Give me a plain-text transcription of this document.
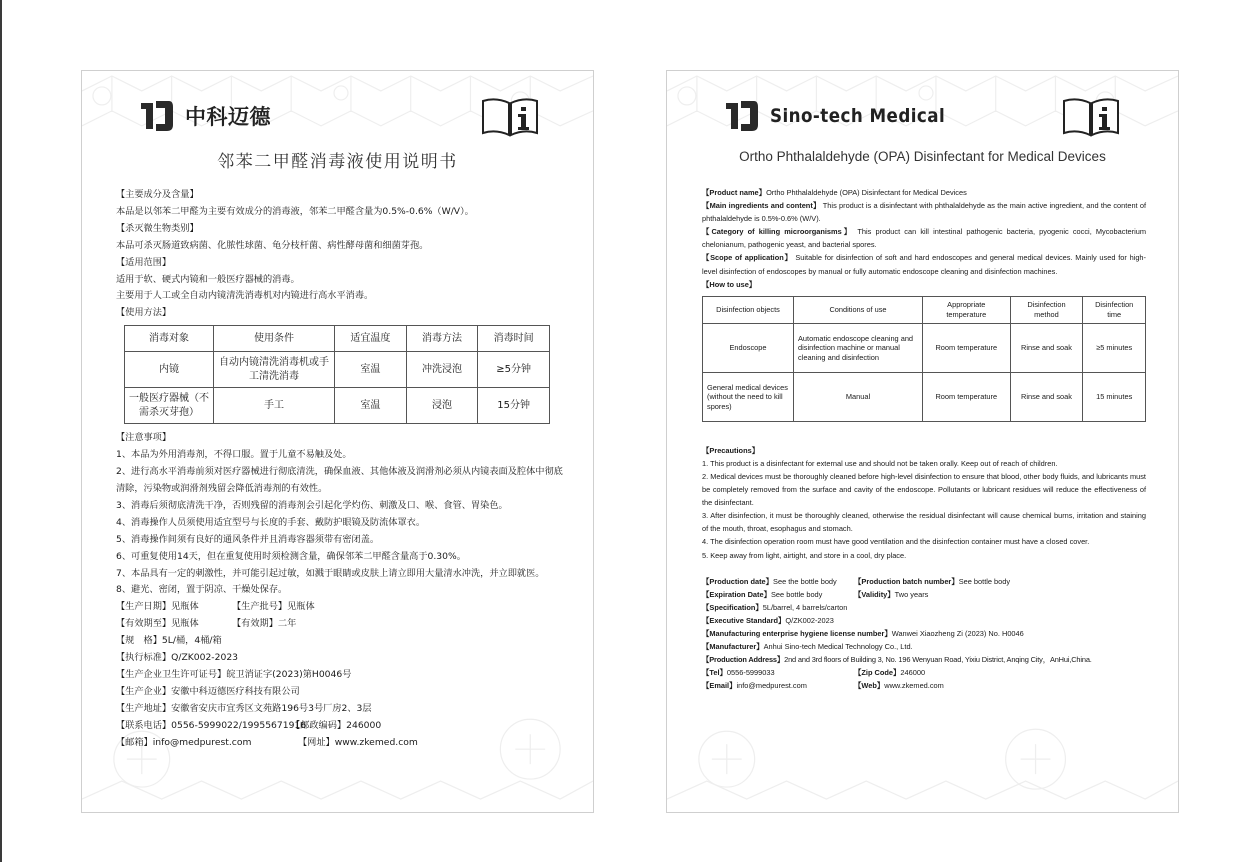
中科迈德
邻苯二甲醛消毒液使用说明书

【主要成分及含量】

本品是以邻苯二甲醛为主要有效成分的消毒液，邻苯二甲醛含量为0.5%-0.6%（W/V）。

【杀灭微生物类别】

本品可杀灭肠道致病菌、化脓性球菌、龟分枝杆菌、病性酵母菌和细菌芽孢。

【适用范围】

适用于软、硬式内镜和一般医疗器械的消毒。

主要用于人工或全自动内镜清洗消毒机对内镜进行高水平消毒。

【使用方法】

消毒对象	使用条件	适宜温度	消毒方法	消毒时间
内镜	自动内镜清洗消毒机或手工清洗消毒	室温	冲洗浸泡	≥5分钟
一般医疗器械（不需杀灭芽孢）	手工	室温	浸泡	15分钟

【注意事项】

1、本品为外用消毒剂，不得口服。置于儿童不易触及处。

2、进行高水平消毒前须对医疗器械进行彻底清洗，确保血液、其他体液及润滑剂必须从内镜表面及腔体中彻底清除，污染物或润滑剂残留会降低消毒剂的有效性。

3、消毒后须彻底清洗干净，否则残留的消毒剂会引起化学灼伤、刺激及口、喉、食管、胃染色。

4、消毒操作人员须使用适宜型号与长度的手套、戴防护眼镜及防流体罩衣。

5、消毒操作间须有良好的通风条件并且消毒容器须带有密闭盖。

6、可重复使用14天，但在重复使用时须检测含量，确保邻苯二甲醛含量高于0.30%。

7、本品具有一定的刺激性，并可能引起过敏，如溅于眼睛或皮肤上请立即用大量清水冲洗，并立即就医。

8、避光、密闭，置于阴凉、干燥处保存。

【生产日期】见瓶体	【生产批号】见瓶体

【有效期至】见瓶体	【有效期】二年

【规　格】5L/桶，4桶/箱

【执行标准】Q/ZK002-2023

【生产企业卫生许可证号】皖卫消证字(2023)第H0046号

【生产企业】安徽中科迈德医疗科技有限公司

【生产地址】安徽省安庆市宜秀区文苑路196号3号厂房2、3层

【联系电话】0556-5999022/19955671916【邮政编码】246000

【邮箱】info@medpurest.com	【网址】www.zkemed.com

Sino-tech Medical
Ortho Phthalaldehyde (OPA) Disinfectant for Medical Devices

【Product name】Ortho Phthalaldehyde (OPA) Disinfectant for Medical Devices

【Main ingredients and content】 This product is a disinfectant with phthalaldehyde as the main active ingredient, and the content of phthalaldehyde is 0.5%-0.6% (W/V).

【Category of killing microorganisms】 This product can kill intestinal pathogenic bacteria, pyogenic cocci, Mycobacterium chelonianum, pathogenic yeast, and bacterial spores.

【Scope of application】 Suitable for disinfection of soft and hard endoscopes and general medical devices. Mainly used for high-level disinfection of endoscopes by manual or fully automatic endoscope cleaning and disinfection machines.

【How to use】

Disinfection objects	Conditions of use	Appropriate temperature	Disinfection method	Disinfection time
Endoscope	Automatic endoscope cleaning and disinfection machine or manual cleaning and disinfection	Room temperature	Rinse and soak	≥5 minutes
General medical devices (without the need to kill spores)	Manual	Room temperature	Rinse and soak	15 minutes

【Precautions】

1. This product is a disinfectant for external use and should not be taken orally. Keep out of reach of children.

2. Medical devices must be thoroughly cleaned before high-level disinfection to ensure that blood, other body fluids, and lubricants must be completely removed from the surface and cavity of the endoscope. Pollutants or lubricant residues will reduce the effectiveness of the disinfectant.

3. After disinfection, it must be thoroughly cleaned, otherwise the residual disinfectant will cause chemical burns, irritation and staining of the mouth, throat, esophagus and stomach.

4. The disinfection operation room must have good ventilation and the disinfection container must have a closed cover.

5. Keep away from light, airtight, and store in a cool, dry place.

【Production date】See the bottle body	【Production batch number】See bottle body
【Expiration Date】See bottle body	【Validity】Two years

【Specification】5L/barrel, 4 barrels/carton

【Executive Standard】Q/ZK002-2023

【Manufacturing enterprise hygiene license number】Wanwei Xiaozheng Zi (2023) No. H0046

【Manufacturer】Anhui Sino-tech Medical Technology Co., Ltd.

【Production Address】2nd and 3rd floors of Building 3, No. 196 Wenyuan Road, Yixiu District, Anqing City，AnHui,China.

【Tel】0556-5999033	【Zip Code】246000
【Email】info@medpurest.com	【Web】www.zkemed.com
